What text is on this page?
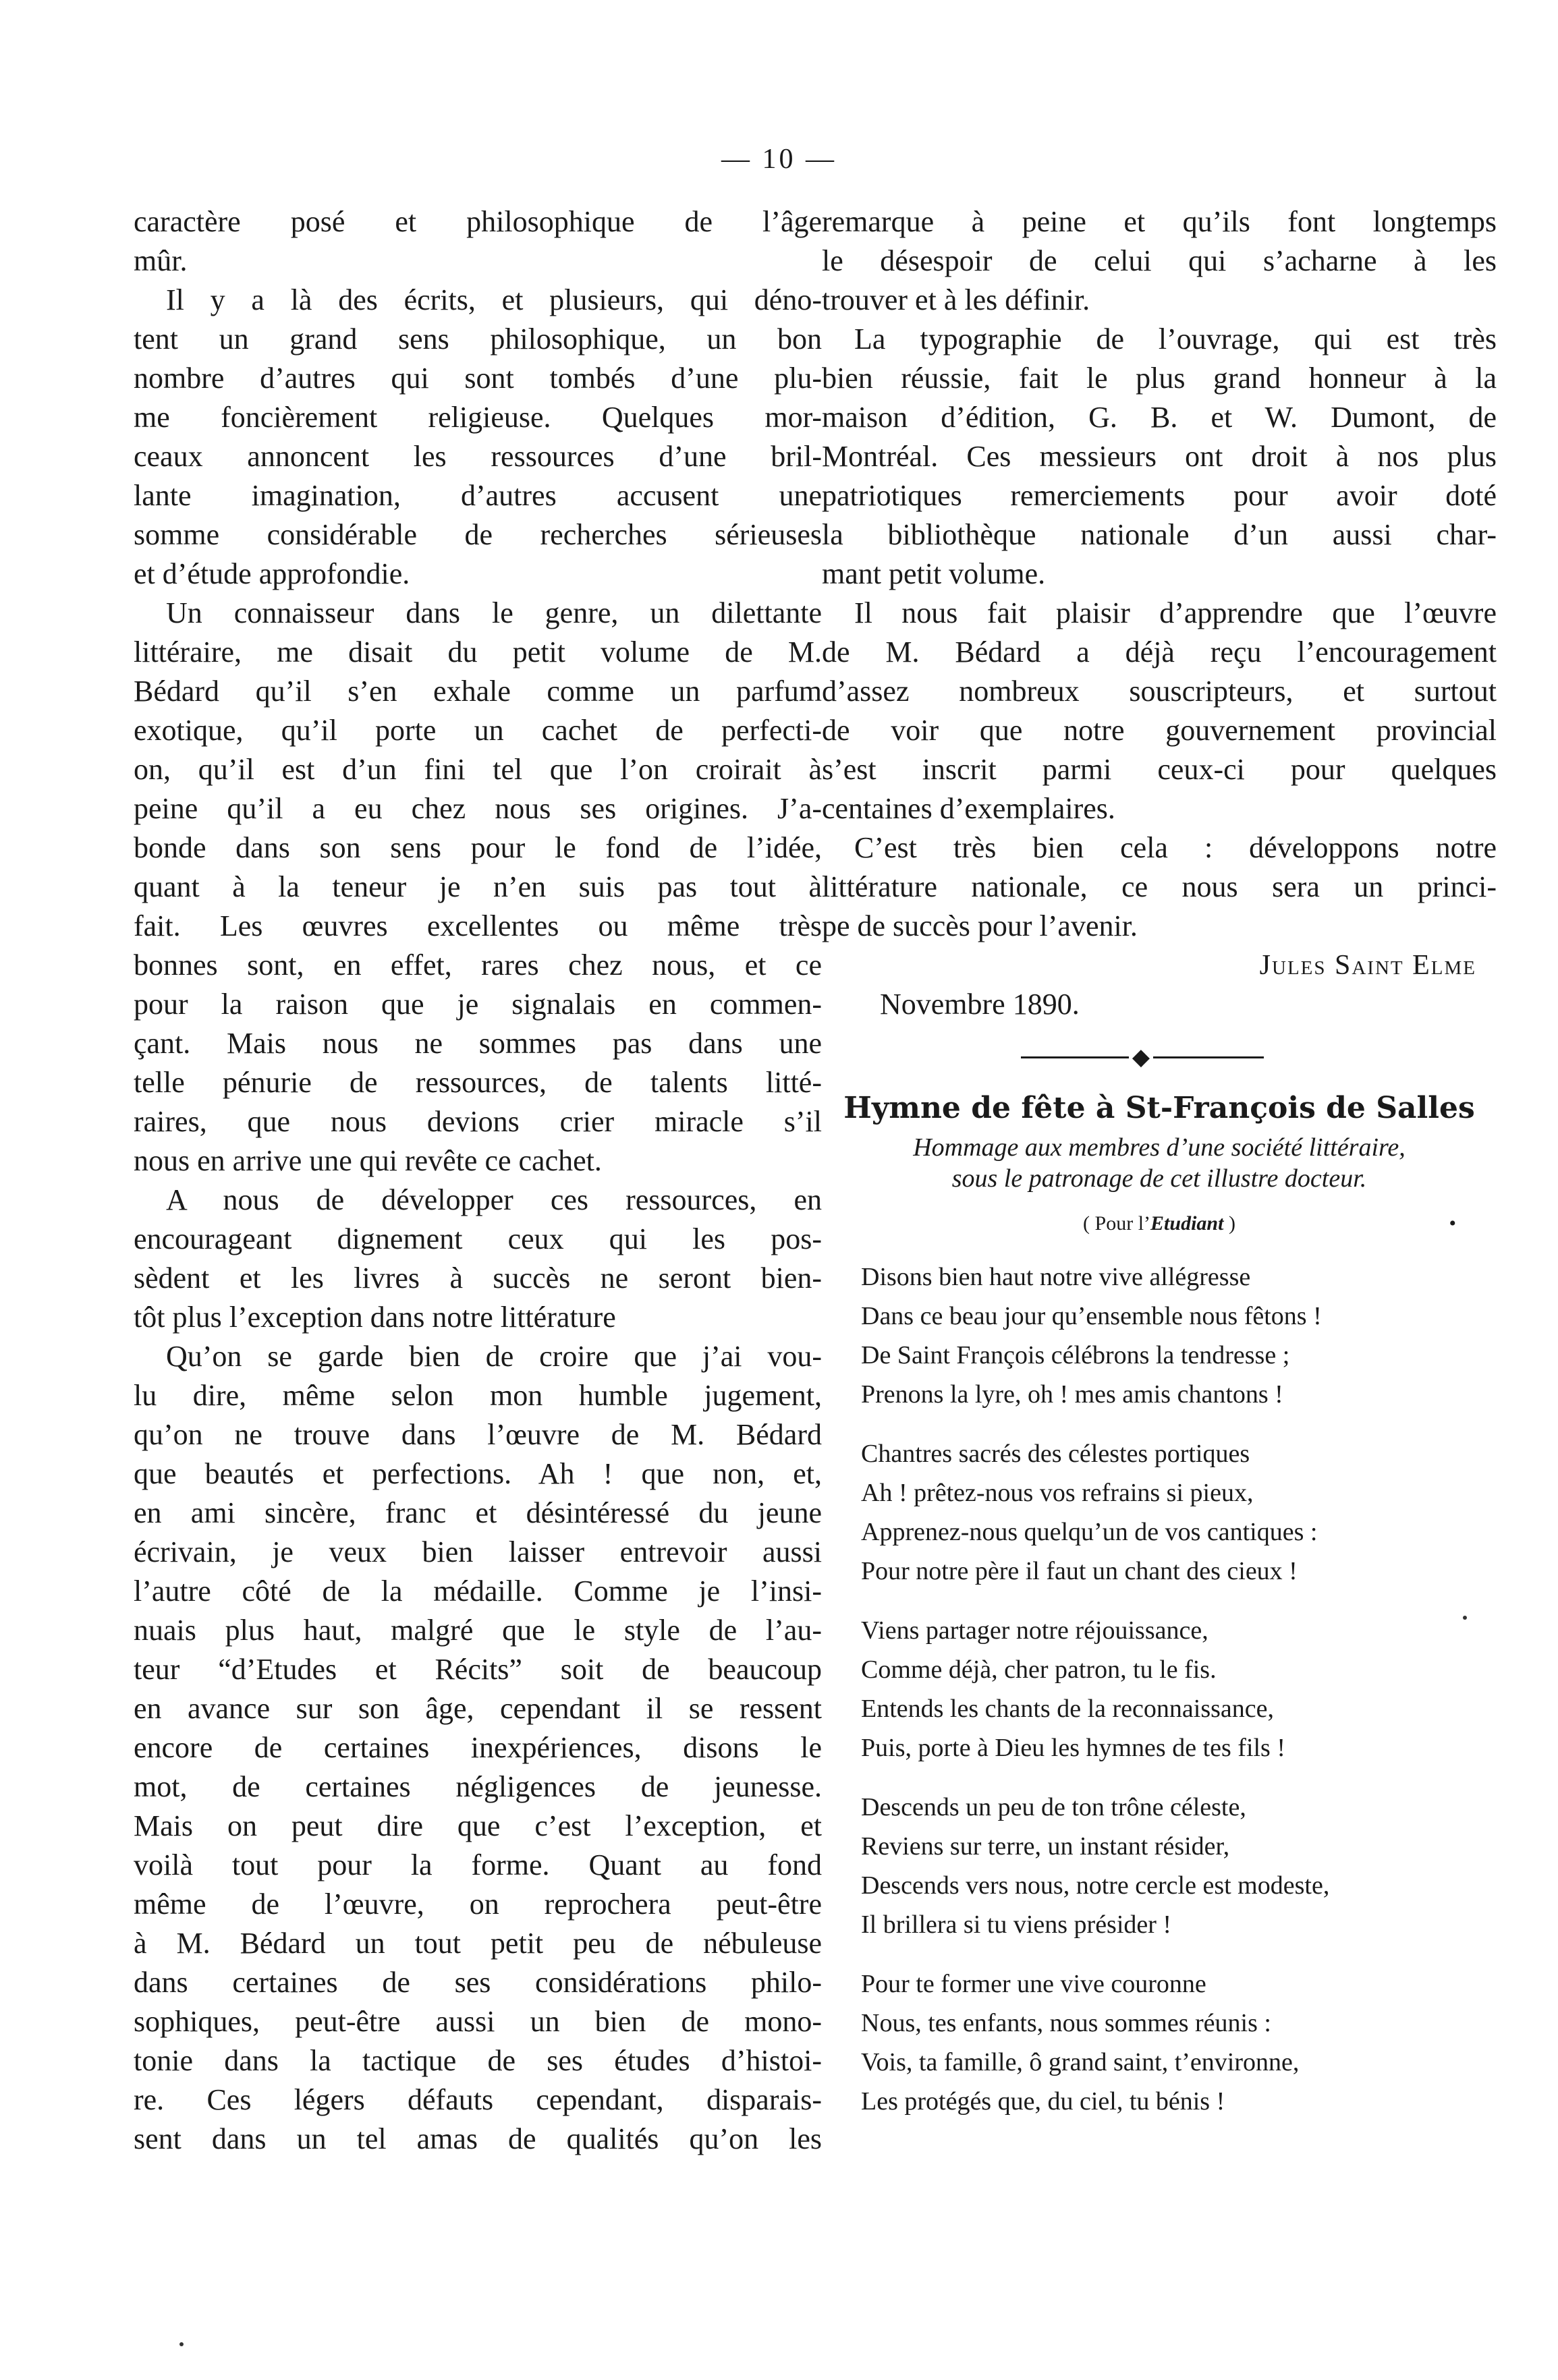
— 10 —
caractère posé et philosophique de l’âge
mûr.
Il y a là des écrits, et plusieurs, qui déno-
tent un grand sens philosophique, un bon
nombre d’autres qui sont tombés d’une plu-
me foncièrement religieuse. Quelques mor-
ceaux annoncent les ressources d’une bril-
lante imagination, d’autres accusent une
somme considérable de recherches sérieuses
et d’étude approfondie.
Un connaisseur dans le genre, un dilettante
littéraire, me disait du petit volume de M.
Bédard qu’il s’en exhale comme un parfum
exotique, qu’il porte un cachet de perfecti-
on, qu’il est d’un fini tel que l’on croirait à
peine qu’il a eu chez nous ses origines. J’a-
bonde dans son sens pour le fond de l’idée,
quant à la teneur je n’en suis pas tout à
fait. Les œuvres excellentes ou même très
bonnes sont, en effet, rares chez nous, et ce
pour la raison que je signalais en commen-
çant. Mais nous ne sommes pas dans une
telle pénurie de ressources, de talents litté-
raires, que nous devions crier miracle s’il
nous en arrive une qui revête ce cachet.
A nous de développer ces ressources, en
encourageant dignement ceux qui les pos-
sèdent et les livres à succès ne seront bien-
tôt plus l’exception dans notre littérature
Qu’on se garde bien de croire que j’ai vou-
lu dire, même selon mon humble jugement,
qu’on ne trouve dans l’œuvre de M. Bédard
que beautés et perfections. Ah ! que non, et,
en ami sincère, franc et désintéressé du jeune
écrivain, je veux bien laisser entrevoir aussi
l’autre côté de la médaille. Comme je l’insi-
nuais plus haut, malgré que le style de l’au-
teur “d’Etudes et Récits” soit de beaucoup
en avance sur son âge, cependant il se ressent
encore de certaines inexpériences, disons le
mot, de certaines négligences de jeunesse.
Mais on peut dire que c’est l’exception, et
voilà tout pour la forme. Quant au fond
même de l’œuvre, on reprochera peut-être
à M. Bédard un tout petit peu de nébuleuse
dans certaines de ses considérations philo-
sophiques, peut-être aussi un bien de mono-
tonie dans la tactique de ses études d’histoi-
re. Ces légers défauts cependant, disparais-
sent dans un tel amas de qualités qu’on les
remarque à peine et qu’ils font longtemps
le désespoir de celui qui s’acharne à les
trouver et à les définir.
La typographie de l’ouvrage, qui est très
bien réussie, fait le plus grand honneur à la
maison d’édition, G. B. et W. Dumont, de
Montréal. Ces messieurs ont droit à nos plus
patriotiques remerciements pour avoir doté
la bibliothèque nationale d’un aussi char-
mant petit volume.
Il nous fait plaisir d’apprendre que l’œuvre
de M. Bédard a déjà reçu l’encouragement
d’assez nombreux souscripteurs, et surtout
de voir que notre gouvernement provincial
s’est inscrit parmi ceux-ci pour quelques
centaines d’exemplaires.
C’est très bien cela : développons notre
littérature nationale, ce nous sera un princi-
pe de succès pour l’avenir.
Jules Saint Elme
Novembre 1890.
◆
Hymne de fête à St-François de Salles
Hommage aux membres d’une société littéraire,
sous le patronage de cet illustre docteur.
( Pour l’Etudiant )	•
Disons bien haut notre vive allégresse
Dans ce beau jour qu’ensemble nous fêtons !
De Saint François célébrons la tendresse ;
Prenons la lyre, oh ! mes amis chantons !
Chantres sacrés des célestes portiques
Ah ! prêtez-nous vos refrains si pieux,
Apprenez-nous quelqu’un de vos cantiques :
Pour notre père il faut un chant des cieux !
Viens partager notre réjouissance,
Comme déjà, cher patron, tu le fis.
Entends les chants de la reconnaissance,
Puis, porte à Dieu les hymnes de tes fils !
Descends un peu de ton trône céleste,
Reviens sur terre, un instant résider,
Descends vers nous, notre cercle est modeste,
Il brillera si tu viens présider !
Pour te former une vive couronne
Nous, tes enfants, nous sommes réunis :
Vois, ta famille, ô grand saint, t’environne,
Les protégés que, du ciel, tu bénis !
